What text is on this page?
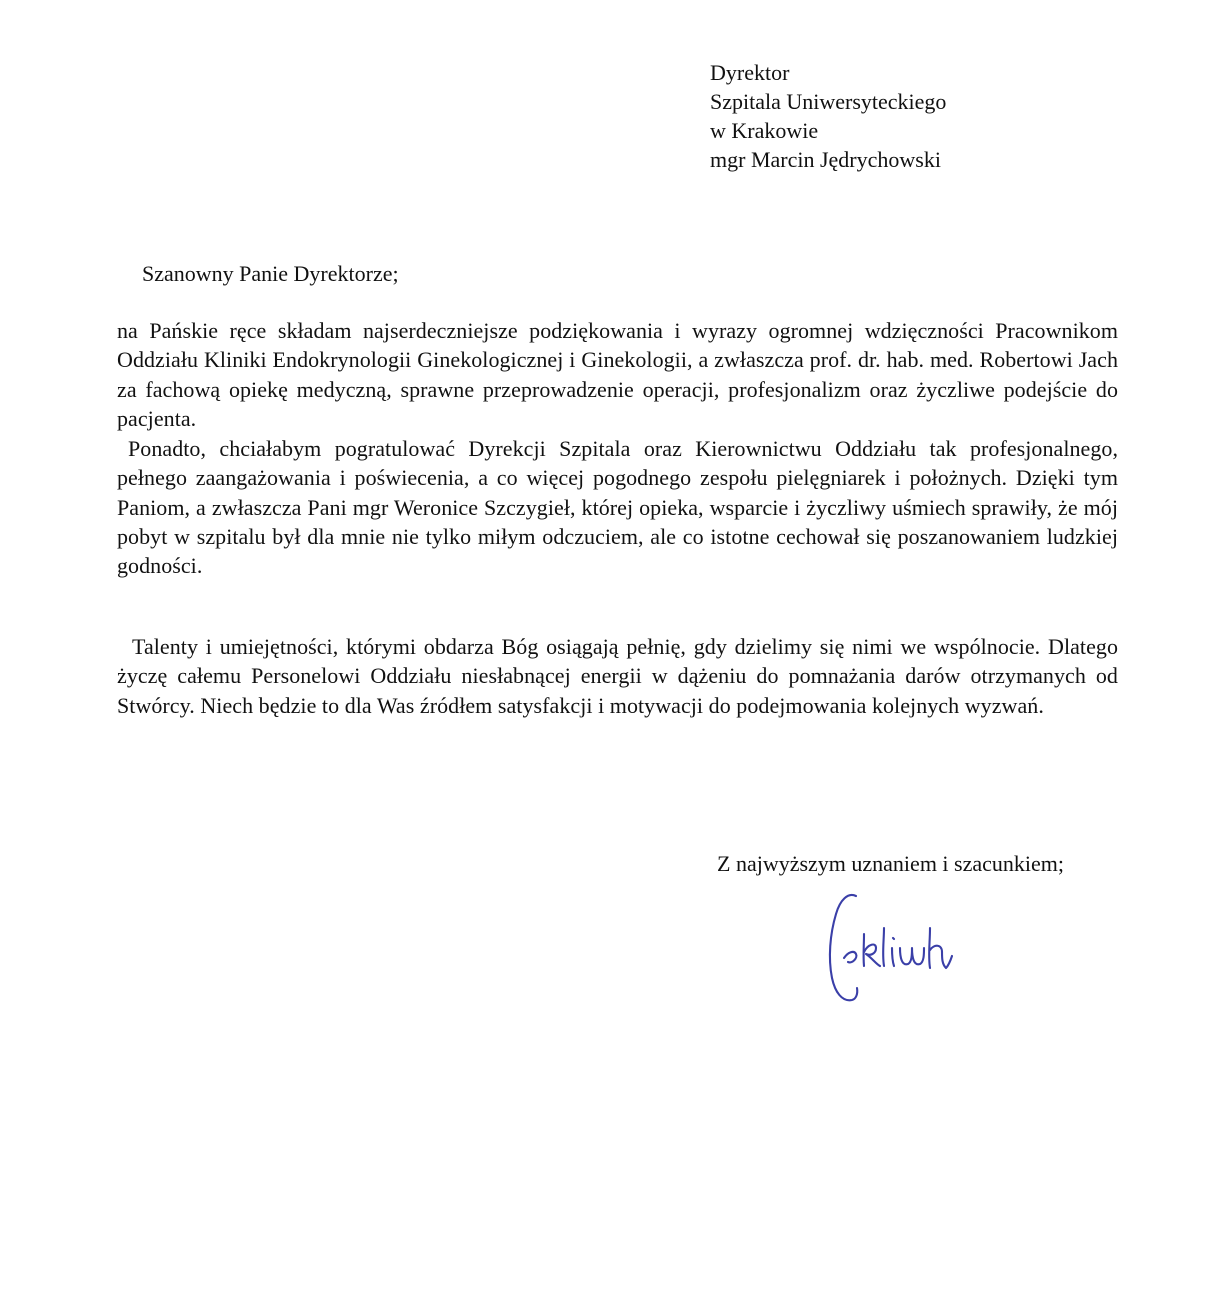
Dyrektor
Szpitala Uniwersyteckiego
w Krakowie
mgr Marcin Jędrychowski
Szanowny Panie Dyrektorze;

na Pańskie ręce składam najserdeczniejsze podziękowania i wyrazy ogromnej wdzięczności Pracownikom Oddziału Kliniki Endokrynologii Ginekologicznej i Ginekologii, a zwłaszcza prof. dr. hab. med. Robertowi Jach za fachową opiekę medyczną, sprawne przeprowadzenie operacji, profesjonalizm oraz życzliwe podejście do pacjenta.

Ponadto, chciałabym pogratulować Dyrekcji Szpitala oraz Kierownictwu Oddziału tak profesjonalnego, pełnego zaangażowania i poświecenia, a co więcej pogodnego zespołu pielęgniarek i położnych. Dzięki tym Paniom, a zwłaszcza Pani mgr Weronice Szczygieł, której opieka, wsparcie i życzliwy uśmiech sprawiły, że mój pobyt w szpitalu był dla mnie nie tylko miłym odczuciem, ale co istotne cechował się poszanowaniem ludzkiej godności.

Talenty i umiejętności, którymi obdarza Bóg osiągają pełnię, gdy dzielimy się nimi we wspólnocie. Dlatego życzę całemu Personelowi Oddziału niesłabnącej energii w dążeniu do pomnażania darów otrzymanych od Stwórcy. Niech będzie to dla Was źródłem satysfakcji i motywacji do podejmowania kolejnych wyzwań.

Z najwyższym uznaniem i szacunkiem;
